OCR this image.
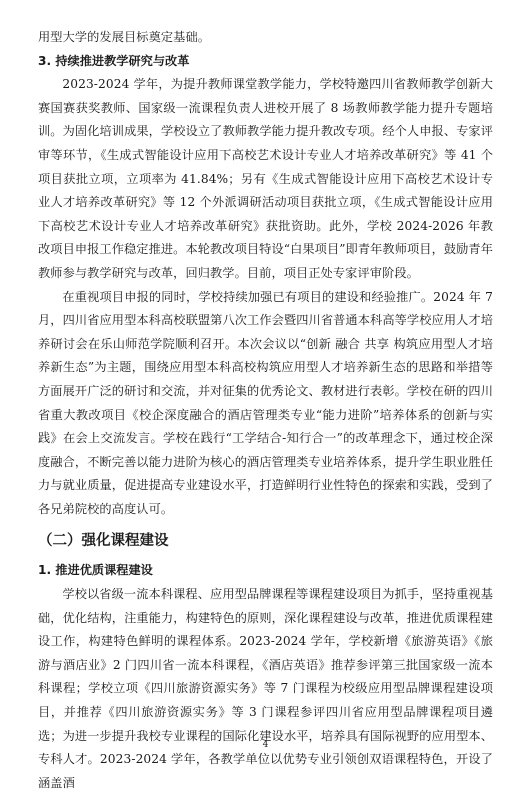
用型大学的发展目标奠定基础。

3. 持续推进教学研究与改革

2023-2024 学年，为提升教师课堂教学能力，学校特邀四川省教师教学创新大赛国赛获奖教师、国家级一流课程负责人进校开展了 8 场教师教学能力提升专题培训。为固化培训成果，学校设立了教师教学能力提升教改专项。经个人申报、专家评审等环节，《生成式智能设计应用下高校艺术设计专业人才培养改革研究》等 41 个项目获批立项，立项率为 41.84%；另有《生成式智能设计应用下高校艺术设计专业人才培养改革研究》等 12 个外派调研活动项目获批立项，《生成式智能设计应用下高校艺术设计专业人才培养改革研究》获批资助。此外，学校 2024-2026 年教改项目申报工作稳定推进。本轮教改项目特设“白果项目”即青年教师项目，鼓励青年教师参与教学研究与改革，回归教学。目前，项目正处专家评审阶段。

在重视项目申报的同时，学校持续加强已有项目的建设和经验推广。2024 年 7 月，四川省应用型本科高校联盟第八次工作会暨四川省普通本科高等学校应用人才培养研讨会在乐山师范学院顺利召开。本次会议以“创新 融合 共享 构筑应用型人才培养新生态”为主题，围绕应用型本科高校构筑应用型人才培养新生态的思路和举措等方面展开广泛的研讨和交流，并对征集的优秀论文、教材进行表彰。学校在研的四川省重大教改项目《校企深度融合的酒店管理类专业“能力进阶”培养体系的创新与实践》在会上交流发言。学校在践行“工学结合-知行合一”的改革理念下，通过校企深度融合，不断完善以能力进阶为核心的酒店管理类专业培养体系，提升学生职业胜任力与就业质量，促进提高专业建设水平，打造鲜明行业性特色的探索和实践，受到了各兄弟院校的高度认可。

（二）强化课程建设
1. 推进优质课程建设

学校以省级一流本科课程、应用型品牌课程等课程建设项目为抓手，坚持重视基础，优化结构，注重能力，构建特色的原则，深化课程建设与改革，推进优质课程建设工作，构建特色鲜明的课程体系。2023-2024 学年，学校新增《旅游英语》《旅游与酒店业》2 门四川省一流本科课程，《酒店英语》推荐参评第三批国家级一流本科课程；学校立项《四川旅游资源实务》等 7 门课程为校级应用型品牌课程建设项目，并推荐《四川旅游资源实务》等 3 门课程参评四川省应用型品牌课程项目遴选；为进一步提升我校专业课程的国际化建设水平，培养具有国际视野的应用型本、专科人才。2023-2024 学年，各教学单位以优势专业引领创双语课程特色，开设了涵盖酒

4
